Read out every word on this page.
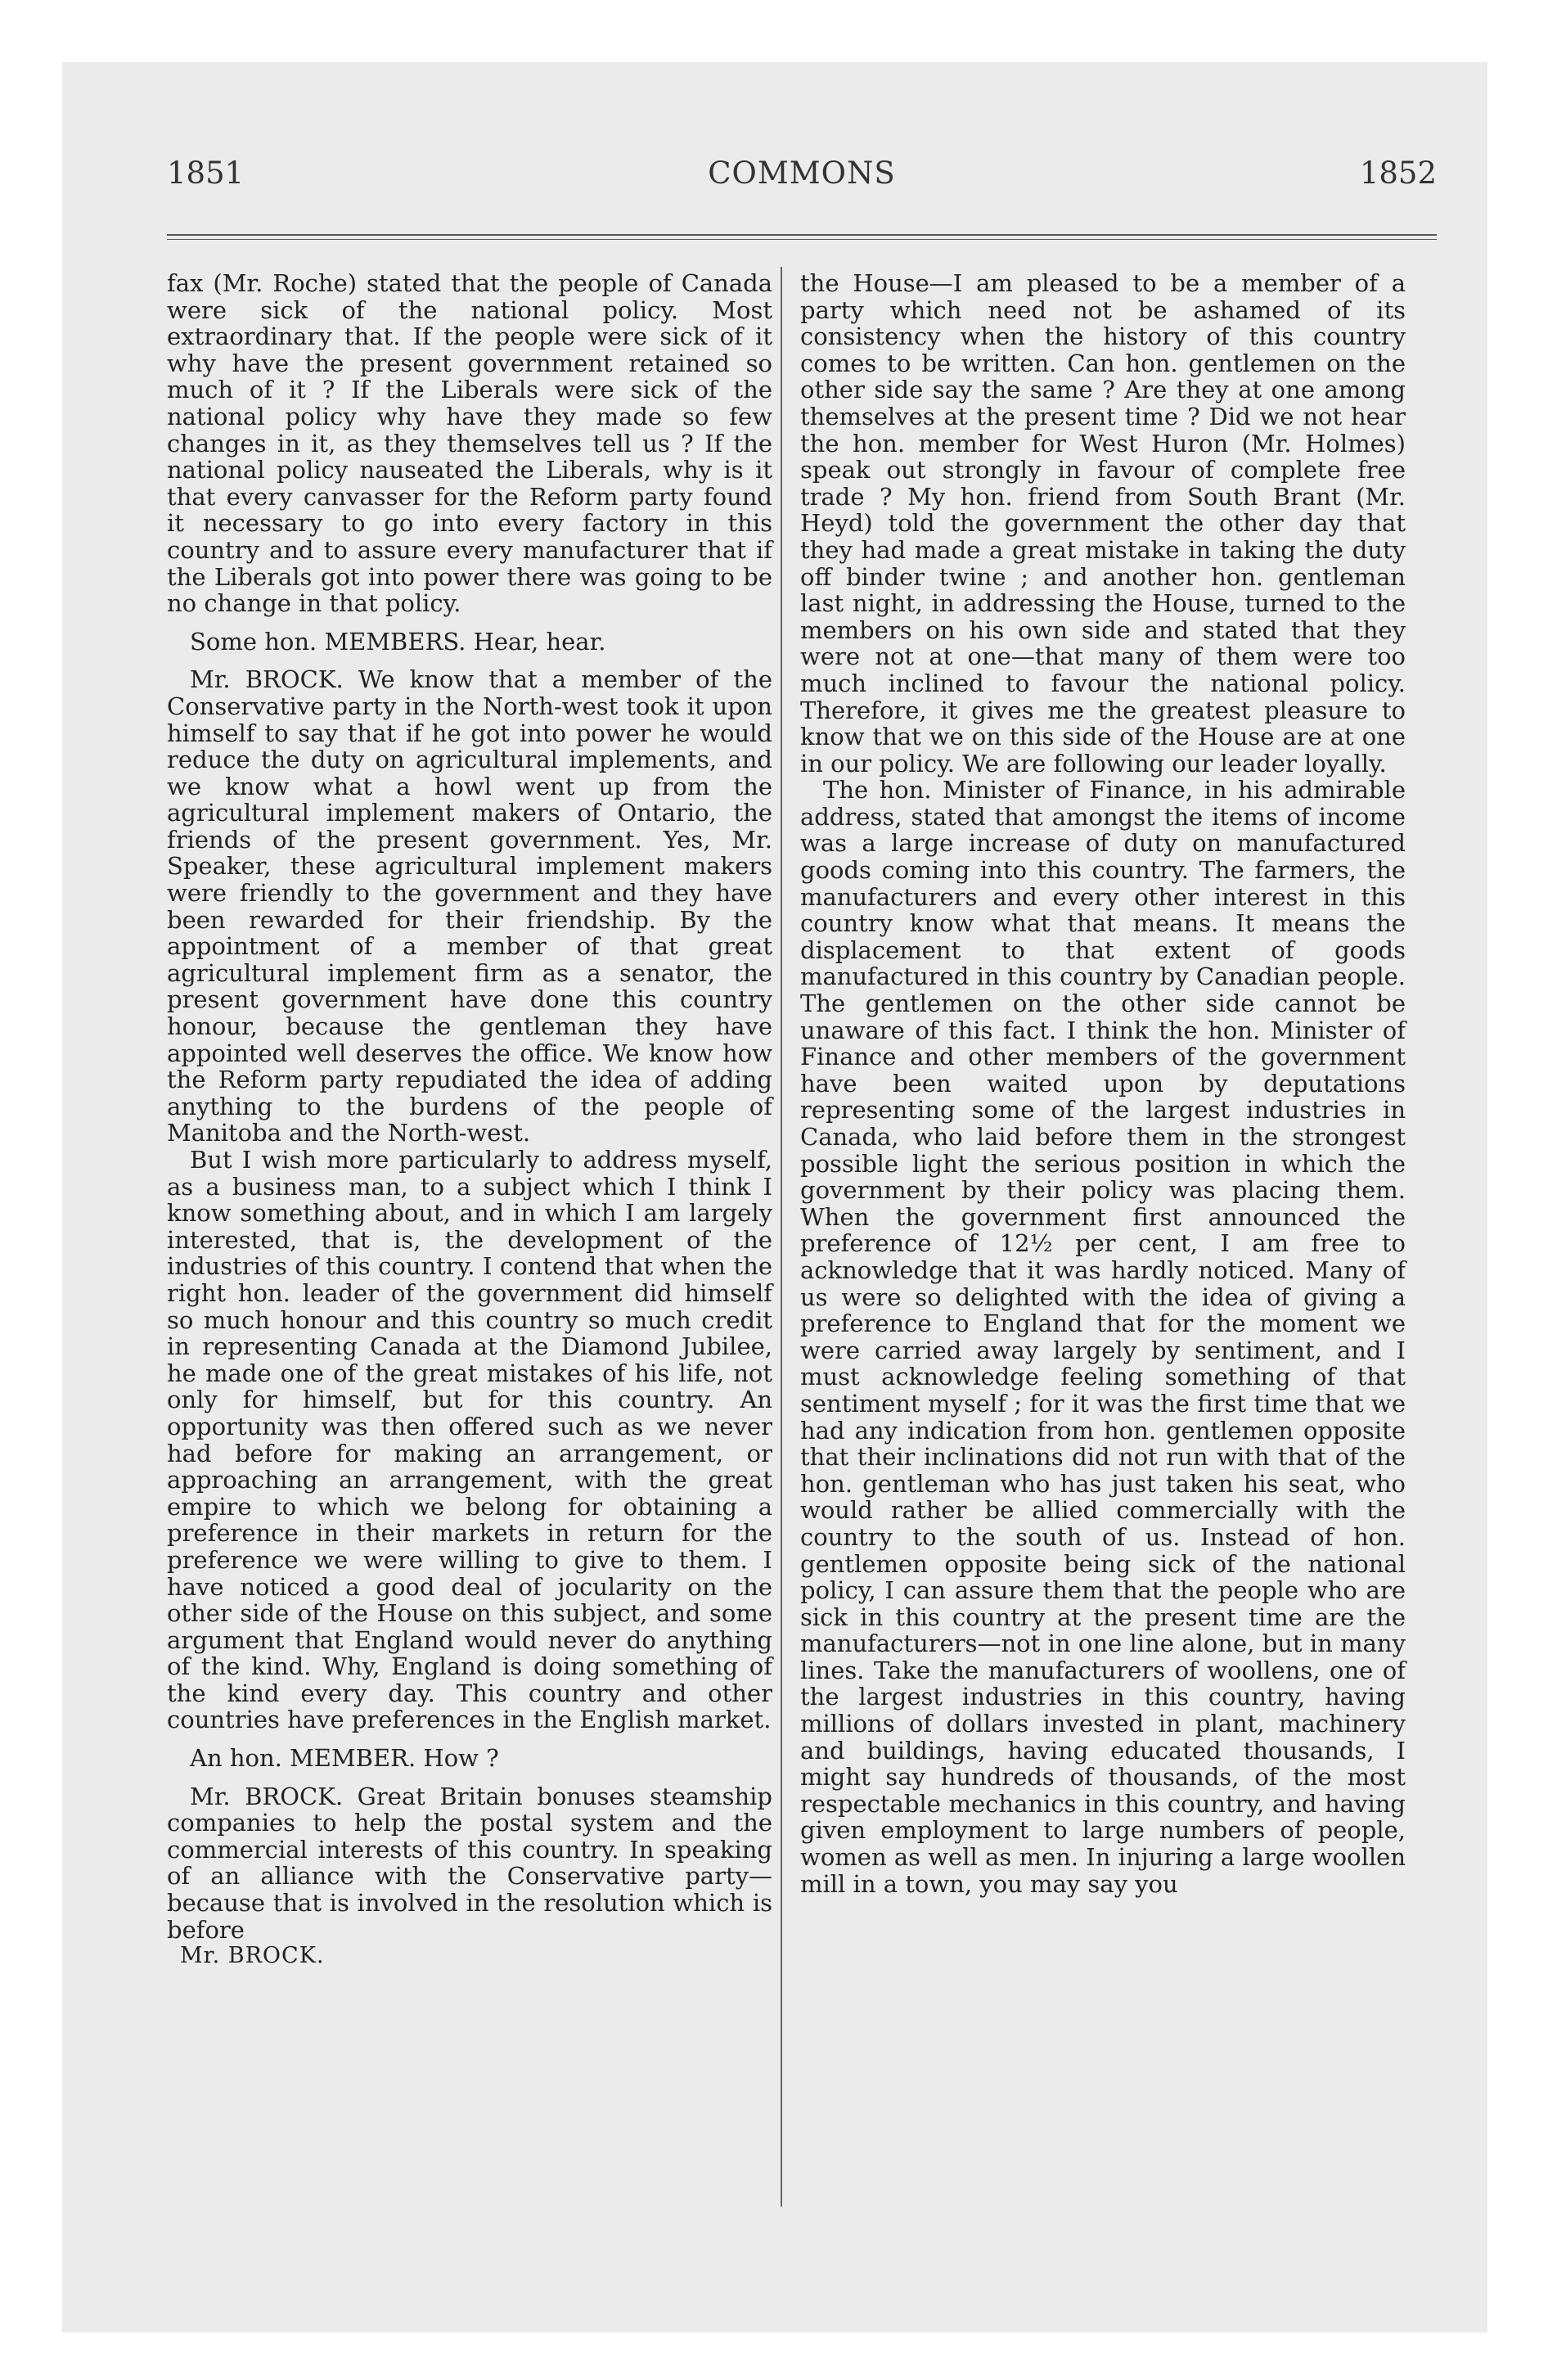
1851	COMMONS	1852

fax (Mr. Roche) stated that the people of Canada were sick of the national policy. Most extraordinary that. If the people were sick of it why have the present government retained so much of it ? If the Liberals were sick of the national policy why have they made so few changes in it, as they themselves tell us ? If the national policy nauseated the Liberals, why is it that every canvasser for the Reform party found it necessary to go into every factory in this country and to assure every manufacturer that if the Liberals got into power there was going to be no change in that policy.

Some hon. MEMBERS. Hear, hear.

Mr. BROCK. We know that a member of the Conservative party in the North-west took it upon himself to say that if he got into power he would reduce the duty on agricultural implements, and we know what a howl went up from the agricultural implement makers of Ontario, the friends of the present government. Yes, Mr. Speaker, these agricultural implement makers were friendly to the government and they have been rewarded for their friendship. By the appointment of a member of that great agricultural implement firm as a senator, the present government have done this country honour, because the gentleman they have appointed well deserves the office. We know how the Reform party repudiated the idea of adding anything to the burdens of the people of Manitoba and the North-west.

But I wish more particularly to address myself, as a business man, to a subject which I think I know something about, and in which I am largely interested, that is, the development of the industries of this country. I contend that when the right hon. leader of the government did himself so much honour and this country so much credit in representing Canada at the Diamond Jubilee, he made one of the great mistakes of his life, not only for himself, but for this country. An opportunity was then offered such as we never had before for making an arrangement, or approaching an arrangement, with the great empire to which we belong for obtaining a preference in their markets in return for the preference we were willing to give to them. I have noticed a good deal of jocularity on the other side of the House on this subject, and some argument that England would never do anything of the kind. Why, England is doing something of the kind every day. This country and other countries have preferences in the English market.

An hon. MEMBER. How ?

Mr. BROCK. Great Britain bonuses steamship companies to help the postal system and the commercial interests of this country. In speaking of an alliance with the Conservative party—because that is involved in the resolution which is before

Mr. BROCK.

the House—I am pleased to be a member of a party which need not be ashamed of its consistency when the history of this country comes to be written. Can hon. gentlemen on the other side say the same ? Are they at one among themselves at the present time ? Did we not hear the hon. member for West Huron (Mr. Holmes) speak out strongly in favour of complete free trade ? My hon. friend from South Brant (Mr. Heyd) told the government the other day that they had made a great mistake in taking the duty off binder twine ; and another hon. gentleman last night, in addressing the House, turned to the members on his own side and stated that they were not at one—that many of them were too much inclined to favour the national policy. Therefore, it gives me the greatest pleasure to know that we on this side of the House are at one in our policy. We are following our leader loyally.

The hon. Minister of Finance, in his admirable address, stated that amongst the items of income was a large increase of duty on manufactured goods coming into this country. The farmers, the manufacturers and every other interest in this country know what that means. It means the displacement to that extent of goods manufactured in this country by Canadian people. The gentlemen on the other side cannot be unaware of this fact. I think the hon. Minister of Finance and other members of the government have been waited upon by deputations representing some of the largest industries in Canada, who laid before them in the strongest possible light the serious position in which the government by their policy was placing them. When the government first announced the preference of 12½ per cent, I am free to acknowledge that it was hardly noticed. Many of us were so delighted with the idea of giving a preference to England that for the moment we were carried away largely by sentiment, and I must acknowledge feeling something of that sentiment myself ; for it was the first time that we had any indication from hon. gentlemen opposite that their inclinations did not run with that of the hon. gentleman who has just taken his seat, who would rather be allied commercially with the country to the south of us. Instead of hon. gentlemen opposite being sick of the national policy, I can assure them that the people who are sick in this country at the present time are the manufacturers—not in one line alone, but in many lines. Take the manufacturers of woollens, one of the largest industries in this country, having millions of dollars invested in plant, machinery and buildings, having educated thousands, I might say hundreds of thousands, of the most respectable mechanics in this country, and having given employment to large numbers of people, women as well as men. In injuring a large woollen mill in a town, you may say you
